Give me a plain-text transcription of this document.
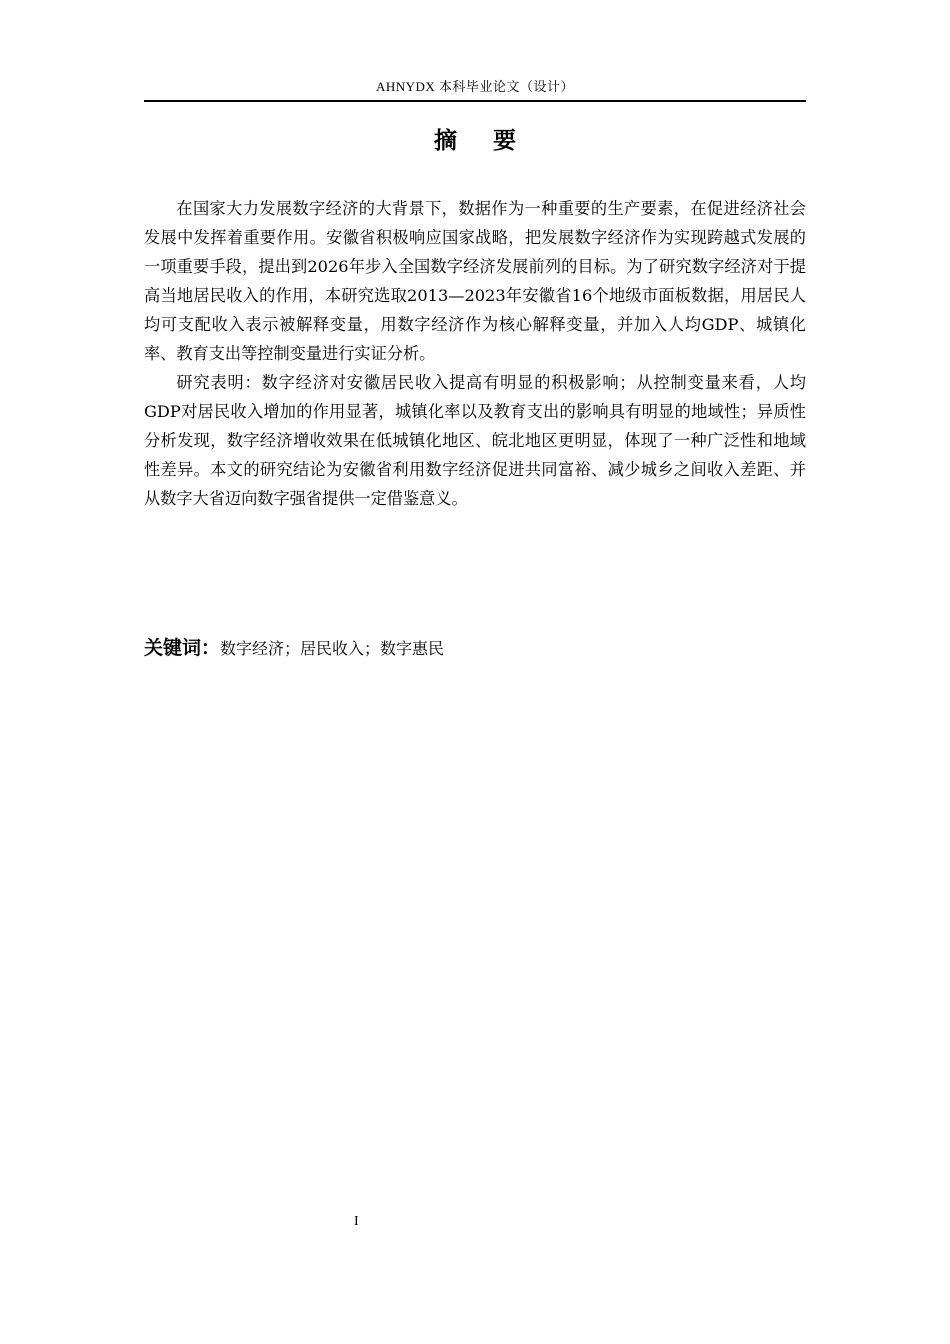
AHNYDX 本科毕业论文（设计）
摘 要

在国家大力发展数字经济的大背景下，数据作为一种重要的生产要素，在促进经济社会发展中发挥着重要作用。安徽省积极响应国家战略，把发展数字经济作为实现跨越式发展的一项重要手段，提出到2026年步入全国数字经济发展前列的目标。为了研究数字经济对于提高当地居民收入的作用，本研究选取2013—2023年安徽省16个地级市面板数据，用居民人均可支配收入表示被解释变量，用数字经济作为核心解释变量，并加入人均GDP、城镇化率、教育支出等控制变量进行实证分析。

研究表明：数字经济对安徽居民收入提高有明显的积极影响；从控制变量来看，人均GDP对居民收入增加的作用显著，城镇化率以及教育支出的影响具有明显的地域性；异质性分析发现，数字经济增收效果在低城镇化地区、皖北地区更明显，体现了一种广泛性和地域性差异。本文的研究结论为安徽省利用数字经济促进共同富裕、减少城乡之间收入差距、并从数字大省迈向数字强省提供一定借鉴意义。

关键词：数字经济；居民收入；数字惠民
I
